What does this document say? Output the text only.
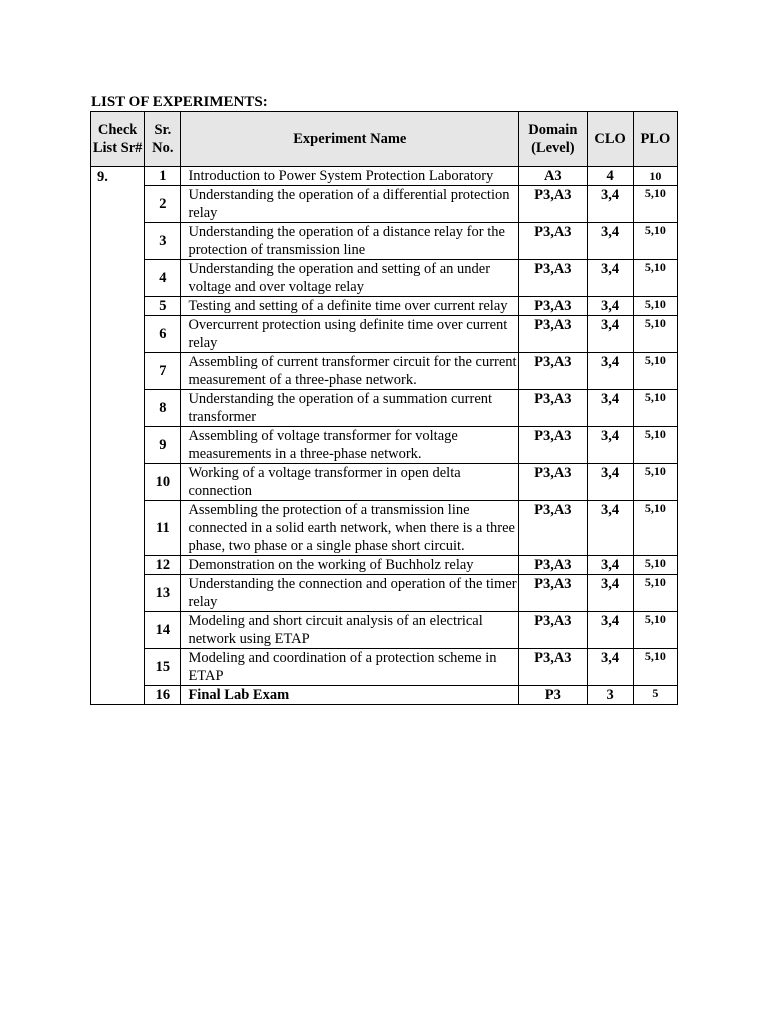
LIST OF EXPERIMENTS:
Check List Sr#	Sr. No.	Experiment Name	Domain (Level)	CLO	PLO
9.	1	Introduction to Power System Protection Laboratory	A3	4	10
	2	Understanding the operation of a differential protection relay	P3,A3	3,4	5,10
	3	Understanding the operation of a distance relay for the protection of transmission line	P3,A3	3,4	5,10
	4	Understanding the operation and setting of an under voltage and over voltage relay	P3,A3	3,4	5,10
	5	Testing and setting of a definite time over current relay	P3,A3	3,4	5,10
	6	Overcurrent protection using definite time over current relay	P3,A3	3,4	5,10
	7	Assembling of current transformer circuit for the current measurement of a three-phase network.	P3,A3	3,4	5,10
	8	Understanding the operation of a summation current transformer	P3,A3	3,4	5,10
	9	Assembling of voltage transformer for voltage measurements in a three-phase network.	P3,A3	3,4	5,10
	10	Working of a voltage transformer in open delta connection	P3,A3	3,4	5,10
	11	Assembling the protection of a transmission line connected in a solid earth network, when there is a three phase, two phase or a single phase short circuit.	P3,A3	3,4	5,10
	12	Demonstration on the working of Buchholz relay	P3,A3	3,4	5,10
	13	Understanding the connection and operation of the timer relay	P3,A3	3,4	5,10
	14	Modeling and short circuit analysis of an electrical network using ETAP	P3,A3	3,4	5,10
	15	Modeling and coordination of a protection scheme in ETAP	P3,A3	3,4	5,10
	16	Final Lab Exam	P3	3	5
